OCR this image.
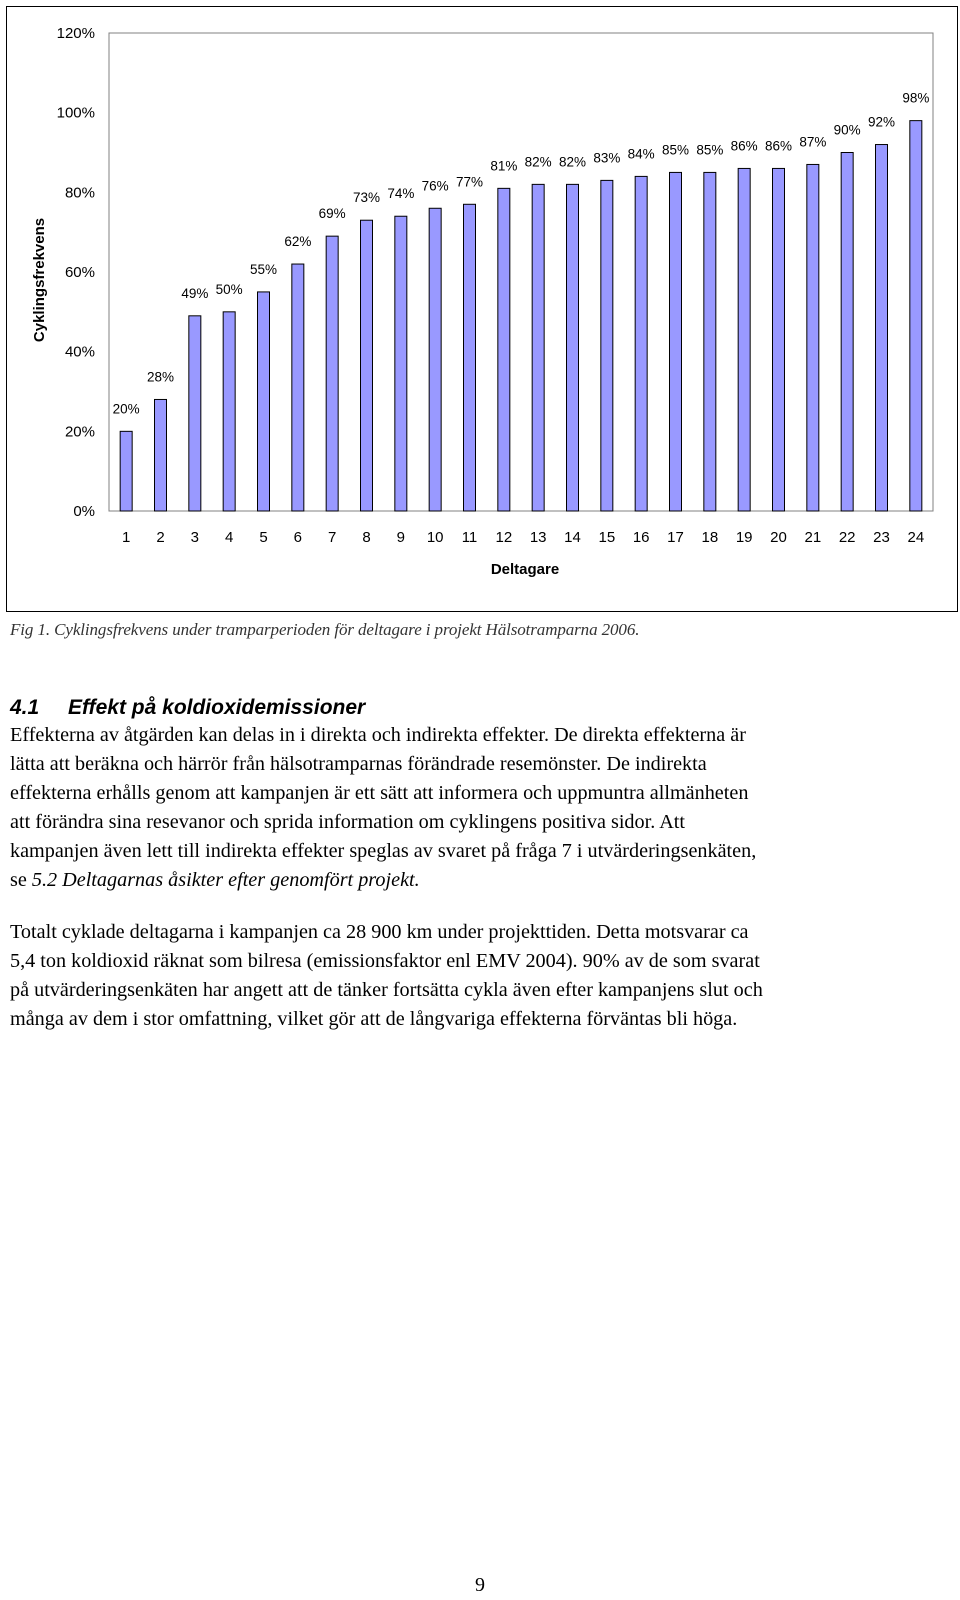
0%
20%
40%
60%
80%
100%
120%
Cyklingsfrekvens
Deltagare
1
20%
2
28%
3
49%
4
50%
5
55%
6
62%
7
69%
8
73%
9
74%
10
76%
11
77%
12
81%
13
82%
14
82%
15
83%
16
84%
17
85%
18
85%
19
86%
20
86%
21
87%
22
90%
23
92%
24
98%
Fig 1. Cyklingsfrekvens under tramparperioden för deltagare i projekt Hälsotramparna 2006.
4.1 Effekt på koldioxidemissioner
Effekterna av åtgärden kan delas in i direkta och indirekta effekter. De direkta effekterna är
lätta att beräkna och härrör från hälsotramparnas förändrade resemönster. De indirekta
effekterna erhålls genom att kampanjen är ett sätt att informera och uppmuntra allmänheten
att förändra sina resevanor och sprida information om cyklingens positiva sidor. Att
kampanjen även lett till indirekta effekter speglas av svaret på fråga 7 i utvärderingsenkäten,
se 5.2 Deltagarnas åsikter efter genomfört projekt.
Totalt cyklade deltagarna i kampanjen ca 28 900 km under projekttiden. Detta motsvarar ca
5,4 ton koldioxid räknat som bilresa (emissionsfaktor enl EMV 2004). 90% av de som svarat
på utvärderingsenkäten har angett att de tänker fortsätta cykla även efter kampanjens slut och
många av dem i stor omfattning, vilket gör att de långvariga effekterna förväntas bli höga.
9
